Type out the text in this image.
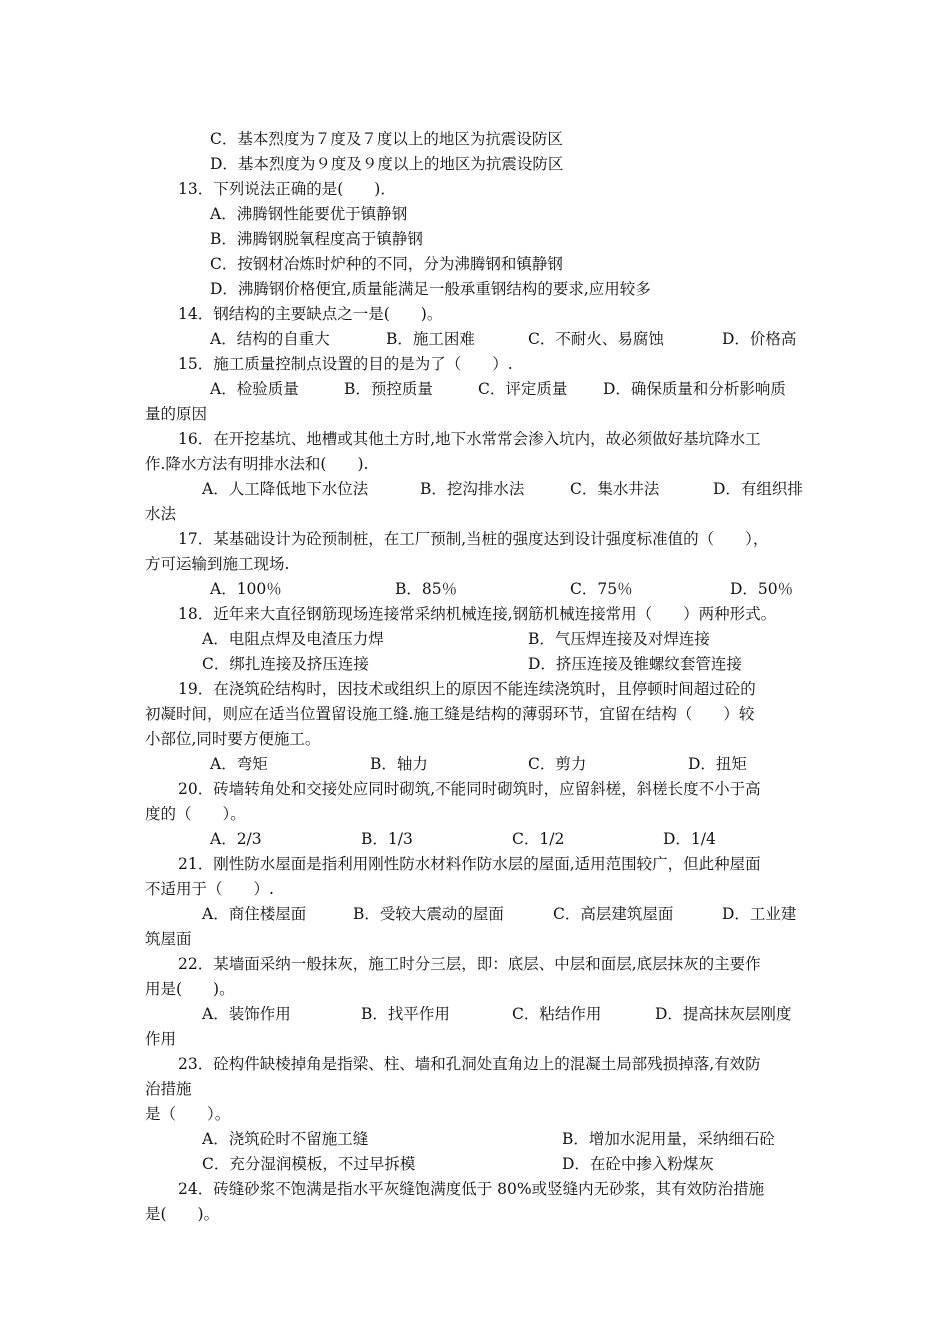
C．基本烈度为７度及７度以上的地区为抗震设防区
D．基本烈度为９度及９度以上的地区为抗震设防区
13．下列说法正确的是(　　)．
A．沸腾钢性能要优于镇静钢
B．沸腾钢脱氧程度高于镇静钢
C．按钢材冶炼时炉种的不同，分为沸腾钢和镇静钢
D．沸腾钢价格便宜,质量能满足一般承重钢结构的要求,应用较多
14．钢结构的主要缺点之一是(　　)。
A．结构的自重大	B．施工困难	C．不耐火、易腐蚀	D．价格高
15．施工质量控制点设置的目的是为了（　　）.
A．检验质量	B．预控质量	C．评定质量 D．确保质量和分析影响质
量的原因
16．在开挖基坑、地槽或其他土方时,地下水常常会渗入坑内，故必须做好基坑降水工
作.降水方法有明排水法和(　　).
A．人工降低地下水位法	B．挖沟排水法	C．集水井法	D．有组织排
水法
17．某基础设计为砼预制桩，在工厂预制,当桩的强度达到设计强度标准值的（　　），
方可运输到施工现场.
A．100％	B．85％	C．75％	D．50％
18．近年来大直径钢筋现场连接常采纳机械连接,钢筋机械连接常用（　　）两种形式。
A．电阻点焊及电渣压力焊	B．气压焊连接及对焊连接
C．绑扎连接及挤压连接	D．挤压连接及锥螺纹套管连接
19．在浇筑砼结构时，因技术或组织上的原因不能连续浇筑时，且停顿时间超过砼的
初凝时间，则应在适当位置留设施工缝.施工缝是结构的薄弱环节，宜留在结构（　　）较
小部位,同时要方便施工。
A．弯矩	B．轴力	C．剪力	D．扭矩
20．砖墙转角处和交接处应同时砌筑,不能同时砌筑时，应留斜槎，斜槎长度不小于高
度的（　　）。
A．2/3	B．1/3	C．1/2	D．1/4
21．刚性防水屋面是指利用刚性防水材料作防水层的屋面,适用范围较广，但此种屋面
不适用于（　　）.
A．商住楼屋面	B．受较大震动的屋面	C．高层建筑屋面	D．工业建
筑屋面
22．某墙面采纳一般抹灰，施工时分三层，即：底层、中层和面层,底层抹灰的主要作
用是(　　)。
A．装饰作用	B．找平作用	C．粘结作用	D．提高抹灰层刚度
作用
23．砼构件缺棱掉角是指梁、柱、墙和孔洞处直角边上的混凝土局部残损掉落,有效防
治措施
是（　　）。
A．浇筑砼时不留施工缝	B．增加水泥用量，采纳细石砼
C．充分湿润模板，不过早拆模	D．在砼中掺入粉煤灰
24．砖缝砂浆不饱满是指水平灰缝饱满度低于 80%或竖缝内无砂浆，其有效防治措施
是(　　)。
